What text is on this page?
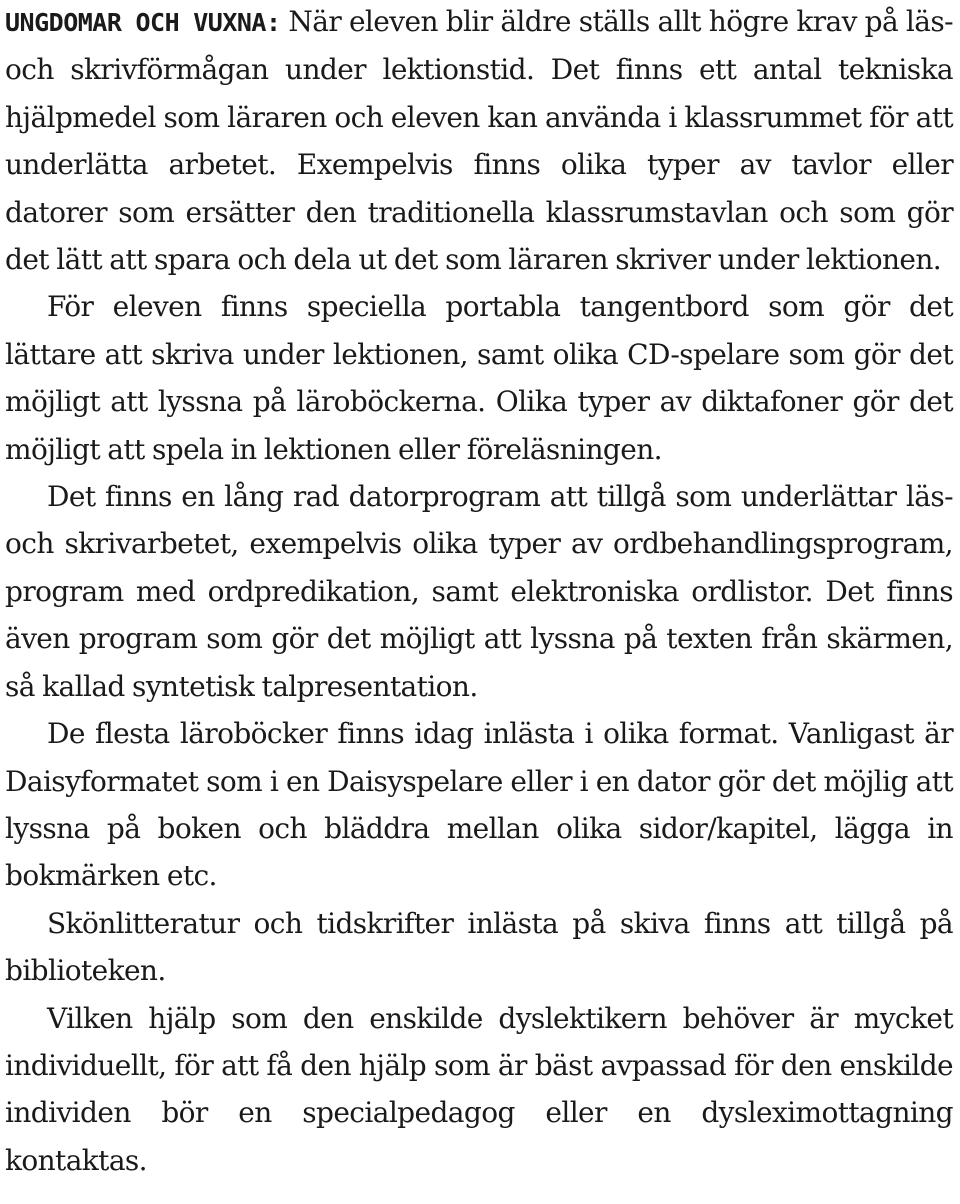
UNGDOMAR OCH VUXNA: När eleven blir äldre ställs allt högre krav på läs- och skrivförmågan under lektionstid. Det finns ett antal tekniska hjälpmedel som läraren och eleven kan använda i klassrummet för att underlätta arbetet. Exempelvis finns olika typer av tavlor eller datorer som ersätter den traditionella klassrumstavlan och som gör det lätt att spara och dela ut det som läraren skriver under lektionen.

För eleven finns speciella portabla tangentbord som gör det lättare att skriva under lektionen, samt olika CD-spelare som gör det möjligt att lyssna på läroböckerna. Olika typer av diktafoner gör det möjligt att spela in lektionen eller föreläsningen.

Det finns en lång rad datorprogram att tillgå som underlättar läs- och skrivarbetet, exempelvis olika typer av ordbehandlingsprogram, program med ordpredikation, samt elektroniska ordlistor. Det finns även program som gör det möjligt att lyssna på texten från skärmen, så kallad syntetisk talpresentation.

De flesta läroböcker finns idag inlästa i olika format. Vanligast är Daisyformatet som i en Daisyspelare eller i en dator gör det möjlig att lyssna på boken och bläddra mellan olika sidor/kapitel, lägga in bokmärken etc.

Skönlitteratur och tidskrifter inlästa på skiva finns att tillgå på biblioteken.

Vilken hjälp som den enskilde dyslektikern behöver är mycket individuellt, för att få den hjälp som är bäst avpassad för den enskilde individen bör en specialpedagog eller en dysleximottagning kontaktas.
